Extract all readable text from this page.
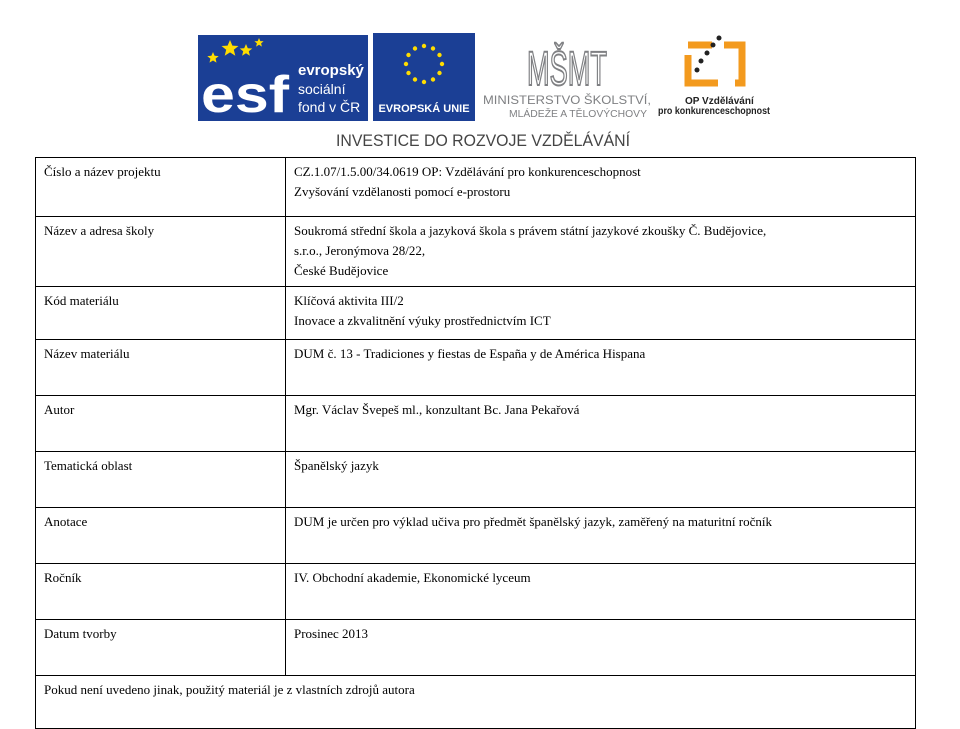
esf evropský
sociální
fond v ČR EVROPSKÁ UNIE
MŠMT
MINISTERSTVO ŠKOLSTVÍ,
MLÁDEŽE A TĚLOVÝCHOVY
OP Vzdělávání
pro konkurenceschopnost
INVESTICE DO ROZVOJE VZDĚLÁVÁNÍ
Číslo a název projektu	CZ.1.07/1.5.00/34.0619 OP: Vzdělávání pro konkurenceschopnost
Zvyšování vzdělanosti pomocí e-prostoru

Název a adresa školy	Soukromá střední škola a jazyková škola s právem státní jazykové zkoušky Č. Budějovice,
s.r.o., Jeronýmova 28/22,
České Budějovice

Kód materiálu	Klíčová aktivita III/2
Inovace a zkvalitnění výuky prostřednictvím ICT

Název materiálu	DUM č. 13 - Tradiciones y fiestas de España y de América Hispana

Autor	Mgr. Václav Švepeš ml., konzultant Bc. Jana Pekařová

Tematická oblast	Španělský jazyk

Anotace	DUM je určen pro výklad učiva pro předmět španělský jazyk, zaměřený na maturitní ročník

Ročník	IV. Obchodní akademie, Ekonomické lyceum

Datum tvorby	Prosinec 2013

Pokud není uvedeno jinak, použitý materiál je z vlastních zdrojů autora	
